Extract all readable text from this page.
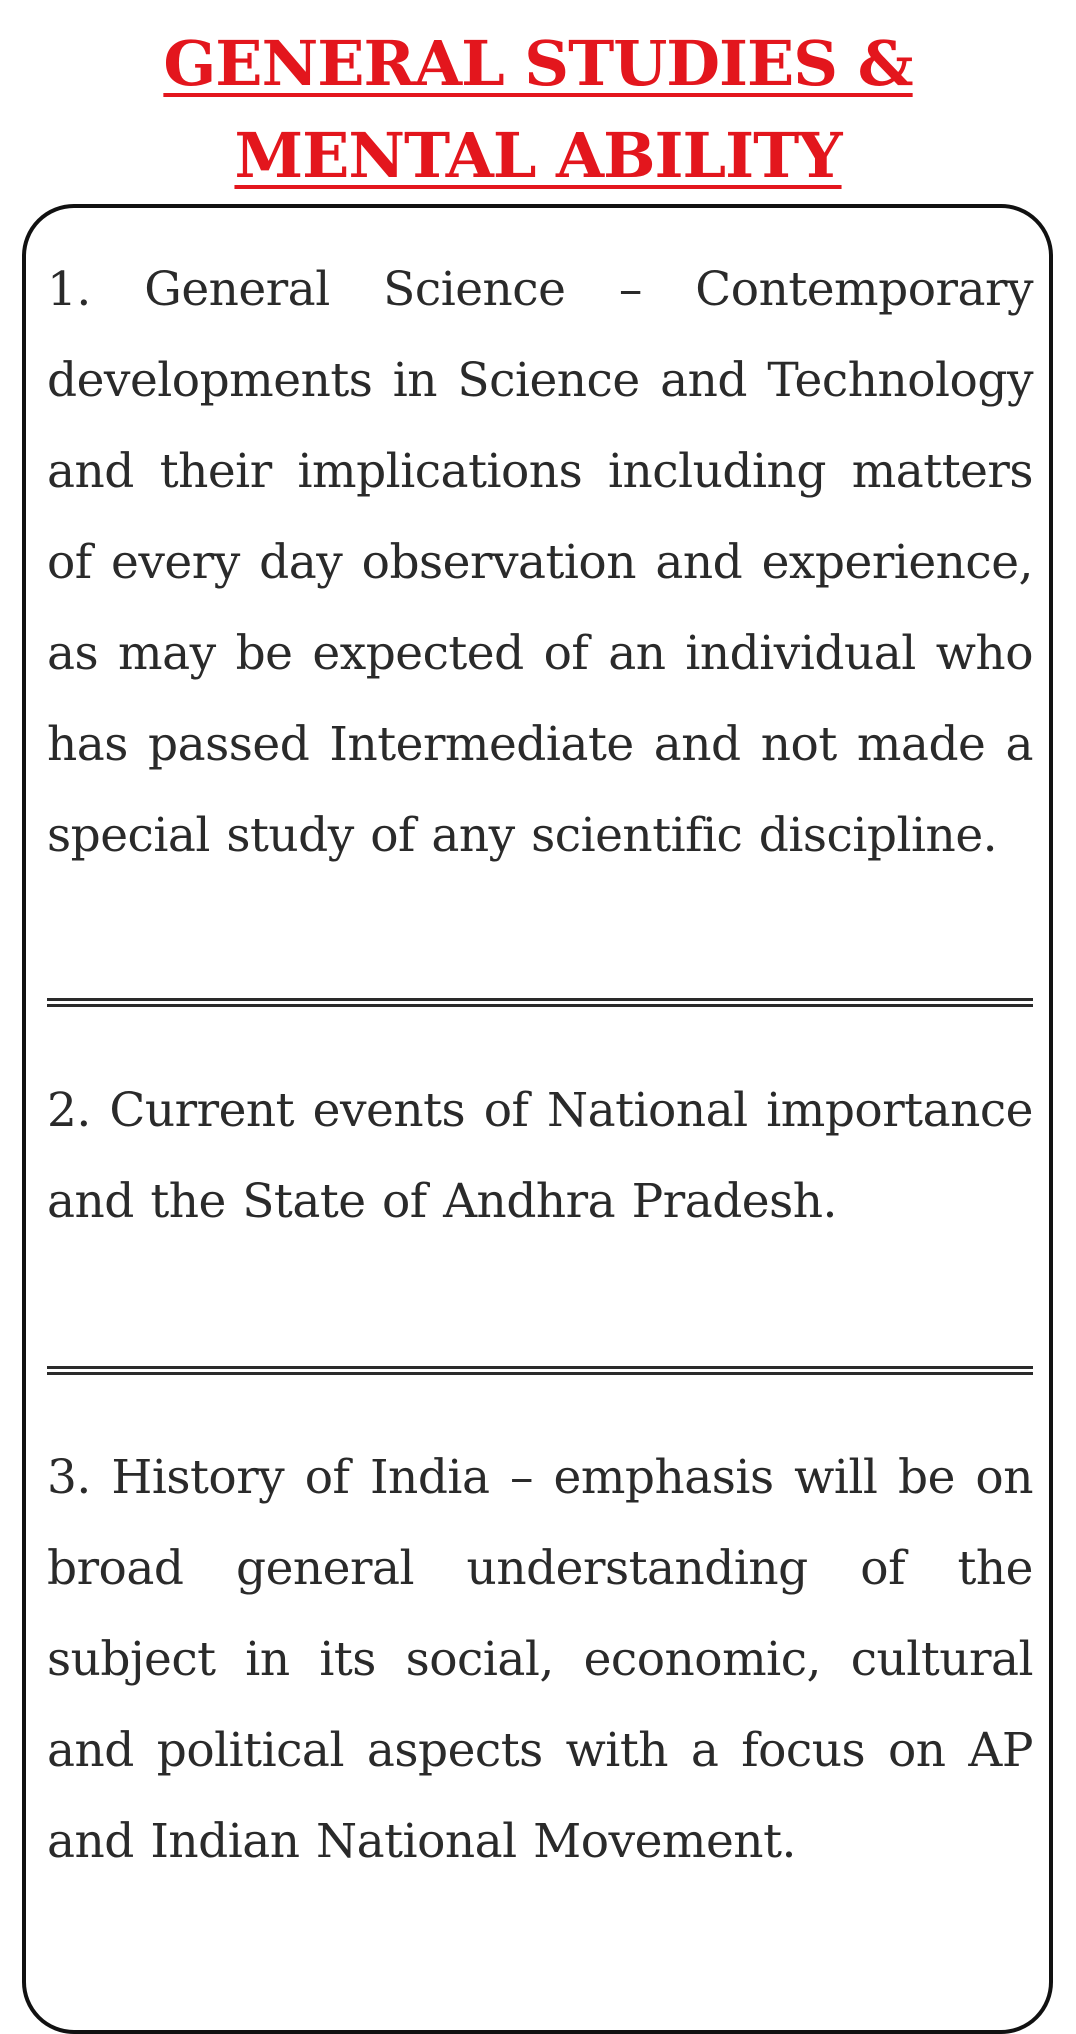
GENERAL STUDIES & MENTAL ABILITY

1. General Science – Contemporary developments in Science and Technology and their implications including matters of every day observation and experience, as may be expected of an individual who has passed Intermediate and not made a special study of any scientific discipline.

2. Current events of National importance and the State of Andhra Pradesh.

3. History of India – emphasis will be on broad general understanding of the subject in its social, economic, cultural and political aspects with a focus on AP and Indian National Movement.
